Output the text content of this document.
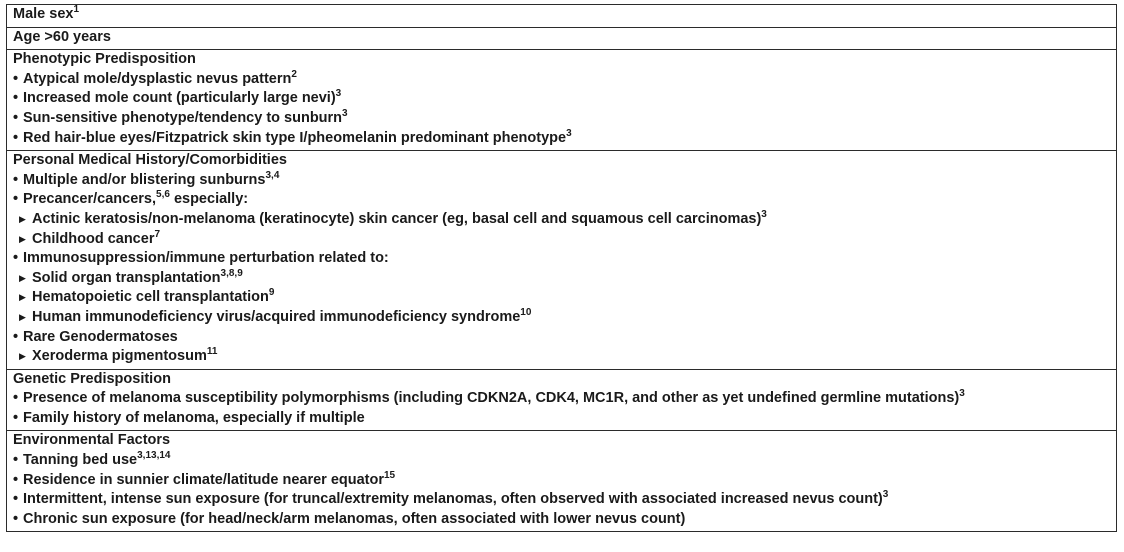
Male sex$^1$

Age >60 years

Phenotypic Predisposition
• Atypical mole/dysplastic nevus pattern$^2$
• Increased mole count (particularly large nevi)$^3$
• Sun-sensitive phenotype/tendency to sunburn$^3$
• Red hair-blue eyes/Fitzpatrick skin type I/pheomelanin predominant phenotype$^3$

Personal Medical History/Comorbidities
• Multiple and/or blistering sunburns$^{3,4}$
• Precancer/cancers,$^{5,6}$ especially:
▶ Actinic keratosis/non-melanoma (keratinocyte) skin cancer (eg, basal cell and squamous cell carcinomas)$^3$
▶ Childhood cancer$^7$
• Immunosuppression/immune perturbation related to:
▶ Solid organ transplantation$^{3,8,9}$
▶ Hematopoietic cell transplantation$^9$
▶ Human immunodeficiency virus/acquired immunodeficiency syndrome$^{10}$
• Rare Genodermatoses
▶ Xeroderma pigmentosum$^{11}$

Genetic Predisposition
• Presence of melanoma susceptibility polymorphisms (including CDKN2A, CDK4, MC1R, and other as yet undefined germline mutations)$^3$
• Family history of melanoma, especially if multiple

Environmental Factors
• Tanning bed use$^{3,13,14}$
• Residence in sunnier climate/latitude nearer equator$^{15}$
• Intermittent, intense sun exposure (for truncal/extremity melanomas, often observed with associated increased nevus count)$^3$
• Chronic sun exposure (for head/neck/arm melanomas, often associated with lower nevus count)
